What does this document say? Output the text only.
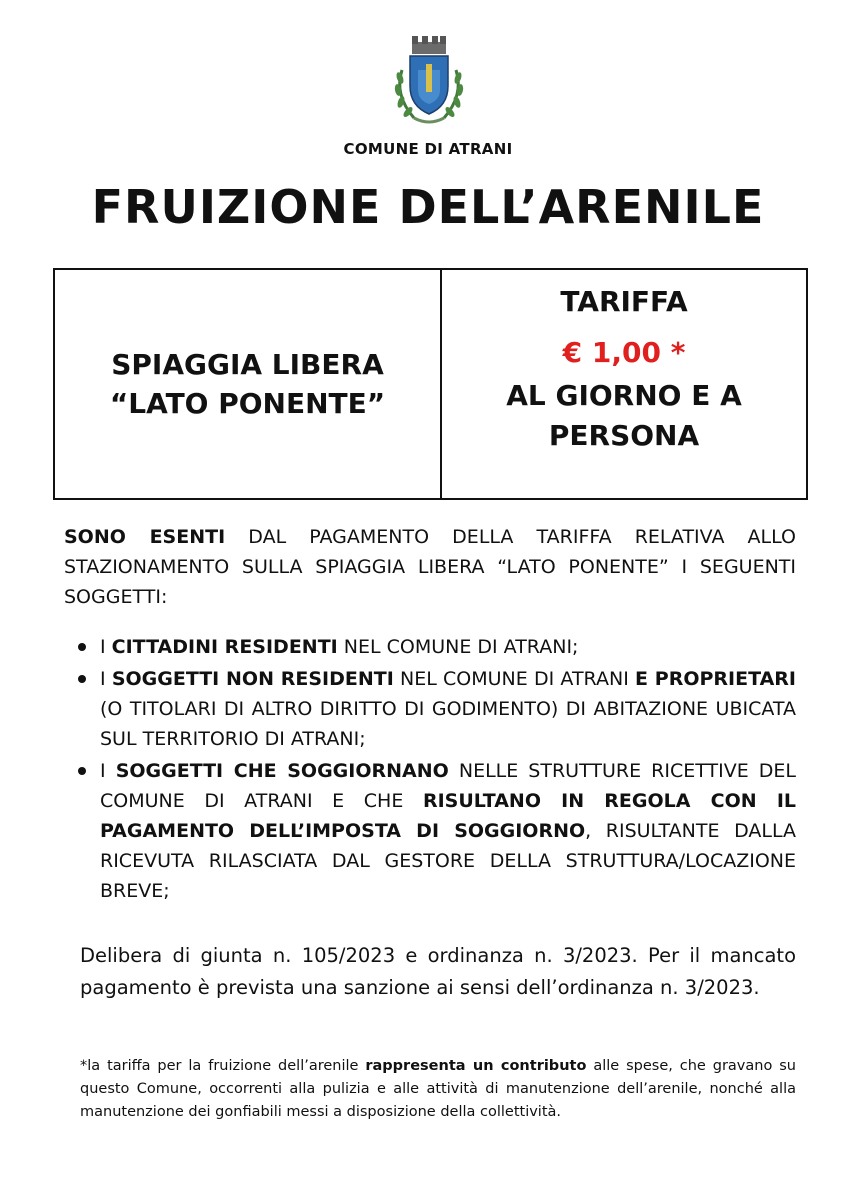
COMUNE DI ATRANI
FRUIZIONE DELL’ARENILE
SPIAGGIA LIBERA
“LATO PONENTE”
TARIFFA
€ 1,00 *
AL GIORNO E A
PERSONA
SONO ESENTI DAL PAGAMENTO DELLA TARIFFA RELATIVA ALLO STAZIONAMENTO SULLA SPIAGGIA LIBERA “LATO PONENTE” I SEGUENTI SOGGETTI:
I CITTADINI RESIDENTI NEL COMUNE DI ATRANI;
I SOGGETTI NON RESIDENTI NEL COMUNE DI ATRANI E PROPRIETARI (O TITOLARI DI ALTRO DIRITTO DI GODIMENTO) DI ABITAZIONE UBICATA SUL TERRITORIO DI ATRANI;
I SOGGETTI CHE SOGGIORNANO NELLE STRUTTURE RICETTIVE DEL COMUNE DI ATRANI E CHE RISULTANO IN REGOLA CON IL PAGAMENTO DELL’IMPOSTA DI SOGGIORNO, RISULTANTE DALLA RICEVUTA RILASCIATA DAL GESTORE DELLA STRUTTURA/LOCAZIONE BREVE;
Delibera di giunta n. 105/2023 e ordinanza n. 3/2023. Per il mancato pagamento è prevista una sanzione ai sensi dell’ordinanza n. 3/2023.
*la tariffa per la fruizione dell’arenile rappresenta un contributo alle spese, che gravano su questo Comune, occorrenti alla pulizia e alle attività di manutenzione dell’arenile, nonché alla manutenzione dei gonfiabili messi a disposizione della collettività.
